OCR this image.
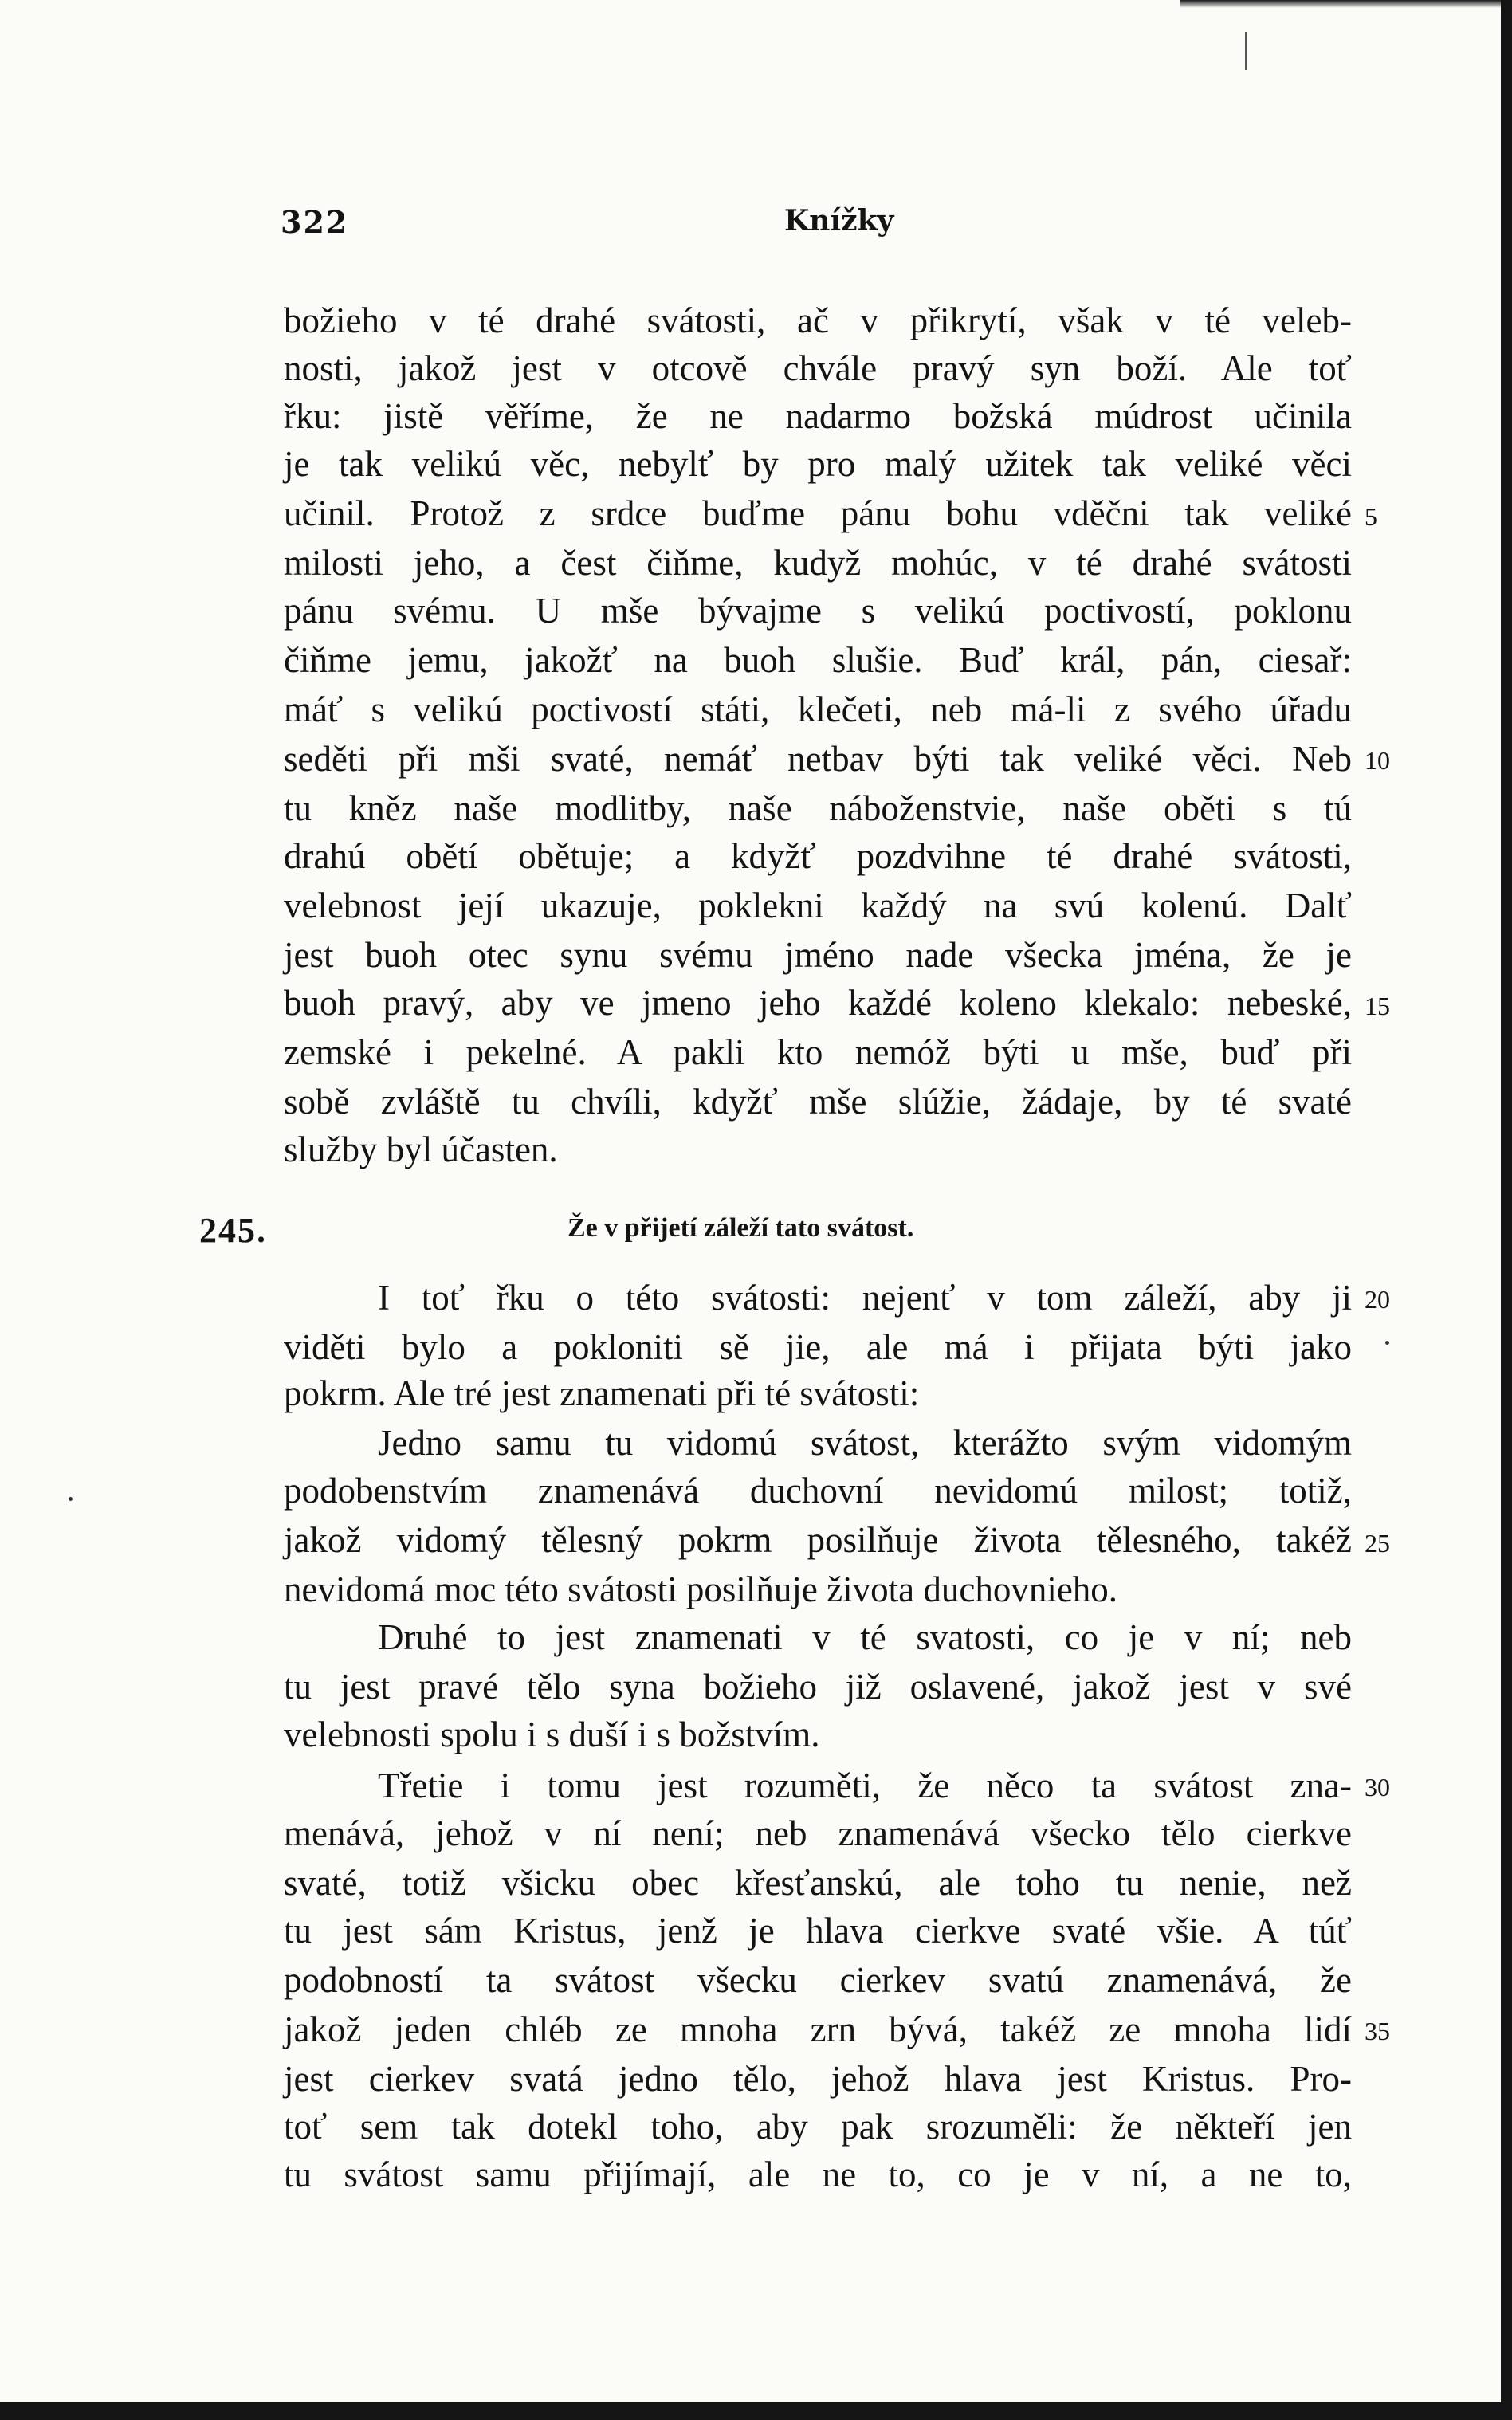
322	Knížky
božieho v té drahé svátosti, ač v přikrytí, však v té veleb-
nosti, jakož jest v otcově chvále pravý syn boží. Ale toť
řku: jistě věříme, že ne nadarmo božská múdrost učinila
je tak velikú věc, nebylť by pro malý užitek tak veliké věci
učinil. Protož z srdce buďme pánu bohu vděčni tak veliké
milosti jeho, a čest čiňme, kudyž mohúc, v té drahé svátosti
pánu svému. U mše bývajme s velikú poctivostí, poklonu
čiňme jemu, jakožť na buoh slušie. Buď král, pán, ciesař:
máť s velikú poctivostí státi, klečeti, neb má-li z svého úřadu
seděti při mši svaté, nemáť netbav býti tak veliké věci. Neb
tu kněz naše modlitby, naše náboženstvie, naše oběti s tú
drahú obětí obětuje; a kdyžť pozdvihne té drahé svátosti,
velebnost její ukazuje, poklekni každý na svú kolenú. Dalť
jest buoh otec synu svému jméno nade všecka jména, že je
buoh pravý, aby ve jmeno jeho každé koleno klekalo: nebeské,
zemské i pekelné. A pakli kto nemóž býti u mše, buď při
sobě zvláště tu chvíli, kdyžť mše slúžie, žádaje, by té svaté
služby byl účasten.
245.	Že v přijetí záleží tato svátost.
I toť řku o této svátosti: nejenť v tom záleží, aby ji
viděti bylo a pokloniti sě jie, ale má i přijata býti jako
pokrm. Ale tré jest znamenati při té svátosti:
Jedno samu tu vidomú svátost, kterážto svým vidomým
podobenstvím znamenává duchovní nevidomú milost; totiž,
jakož vidomý tělesný pokrm posilňuje života tělesného, takéž
nevidomá moc této svátosti posilňuje života duchovnieho.
Druhé to jest znamenati v té svatosti, co je v ní; neb
tu jest pravé tělo syna božieho již oslavené, jakož jest v své
velebnosti spolu i s duší i s božstvím.
Třetie i tomu jest rozuměti, že něco ta svátost zna-
menává, jehož v ní není; neb znamenává všecko tělo cierkve
svaté, totiž všicku obec křesťanskú, ale toho tu nenie, než
tu jest sám Kristus, jenž je hlava cierkve svaté všie. A túť
podobností ta svátost všecku cierkev svatú znamenává, že
jakož jeden chléb ze mnoha zrn bývá, takéž ze mnoha lidí
jest cierkev svatá jedno tělo, jehož hlava jest Kristus. Pro-
toť sem tak dotekl toho, aby pak srozuměli: že někteří jen
tu svátost samu přijímají, ale ne to, co je v ní, a ne to,
5
10
15
20
25
30
35
